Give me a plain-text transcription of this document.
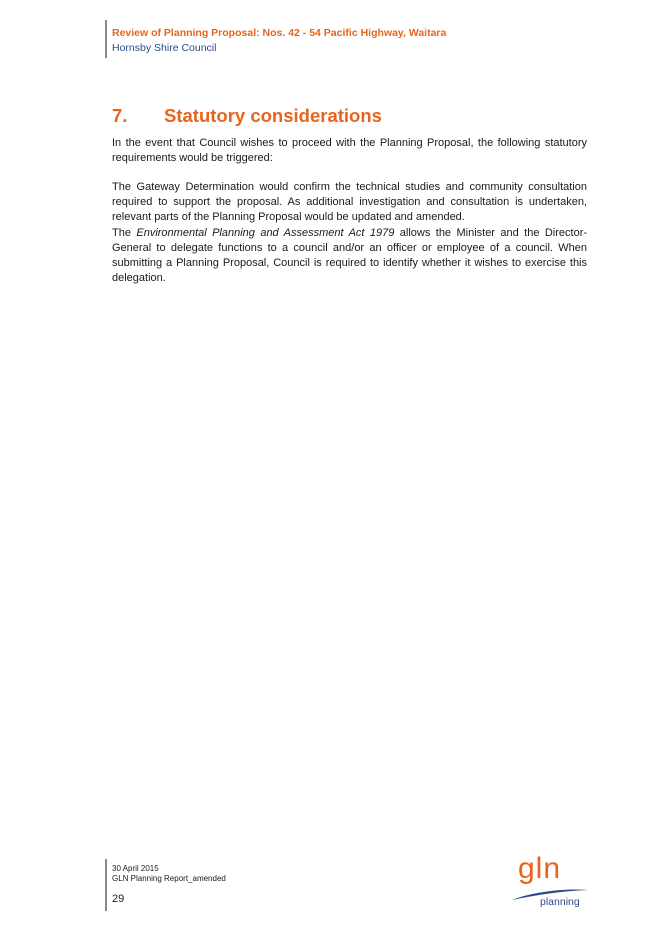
Review of Planning Proposal: Nos. 42 - 54 Pacific Highway, Waitara
Hornsby Shire Council
7. Statutory considerations

In the event that Council wishes to proceed with the Planning Proposal, the following statutory requirements would be triggered:

The Gateway Determination would confirm the technical studies and community consultation required to support the proposal. As additional investigation and consultation is undertaken, relevant parts of the Planning Proposal would be updated and amended.

The Environmental Planning and Assessment Act 1979 allows the Minister and the Director-General to delegate functions to a council and/or an officer or employee of a council. When submitting a Planning Proposal, Council is required to identify whether it wishes to exercise this delegation.

30 April 2015
GLN Planning Report_amended
29
gln
planning
